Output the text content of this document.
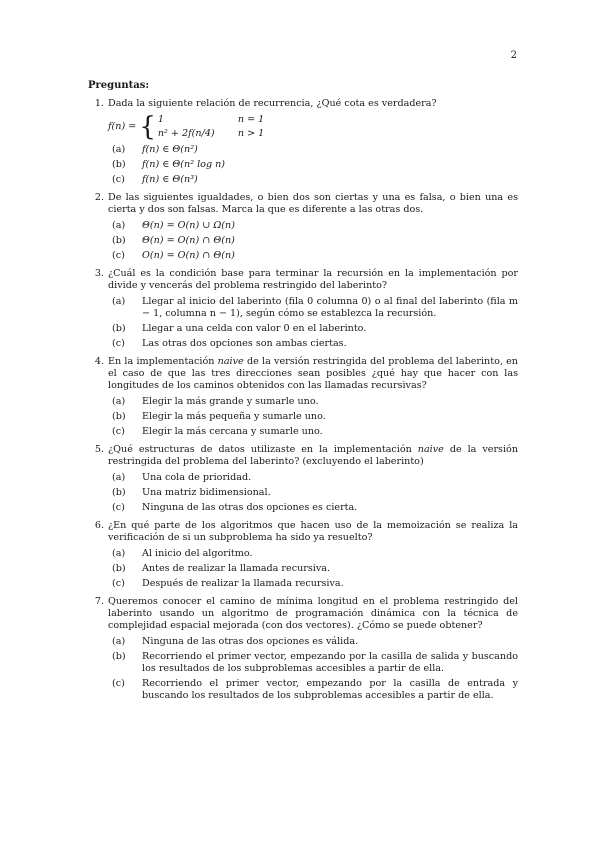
2
Preguntas:
1. Dada la siguiente relación de recurrencia, ¿Qué cota es verdadera?
f(n) = { 1	n = 1
n² + 2f(n/4)	n > 1
(a)	f(n) ∈ Θ(n²)
(b)	f(n) ∈ Θ(n² log n)
(c)	f(n) ∈ Θ(n³)
2. De las siguientes igualdades, o bien dos son ciertas y una es falsa, o bien una es cierta y dos son falsas. Marca la que es diferente a las otras dos.
(a)	Θ(n) = O(n) ∪ Ω(n)
(b)	Θ(n) = O(n) ∩ Θ(n)
(c)	O(n) = O(n) ∩ Θ(n)
3. ¿Cuál es la condición base para terminar la recursión en la implementación por divide y vencerás del problema restringido del laberinto?
(a)	Llegar al inicio del laberinto (fila 0 columna 0) o al final del laberinto (fila m − 1, columna n − 1), según cómo se establezca la recursión.
(b)	Llegar a una celda con valor 0 en el laberinto.
(c)	Las otras dos opciones son ambas ciertas.
4. En la implementación naive de la versión restringida del problema del laberinto, en el caso de que las tres direcciones sean posibles ¿qué hay que hacer con las longitudes de los caminos obtenidos con las llamadas recursivas?
(a)	Elegir la más grande y sumarle uno.
(b)	Elegir la más pequeña y sumarle uno.
(c)	Elegir la más cercana y sumarle uno.
5. ¿Qué estructuras de datos utilizaste en la implementación naive de la versión restringida del problema del laberinto? (excluyendo el laberinto)
(a)	Una cola de prioridad.
(b)	Una matriz bidimensional.
(c)	Ninguna de las otras dos opciones es cierta.
6. ¿En qué parte de los algoritmos que hacen uso de la memoización se realiza la verificación de si un subproblema ha sido ya resuelto?
(a)	Al inicio del algoritmo.
(b)	Antes de realizar la llamada recursiva.
(c)	Después de realizar la llamada recursiva.
7. Queremos conocer el camino de mínima longitud en el problema restringido del laberinto usando un algoritmo de programación dinámica con la técnica de complejidad espacial mejorada (con dos vectores). ¿Cómo se puede obtener?
(a)	Ninguna de las otras dos opciones es válida.
(b)	Recorriendo el primer vector, empezando por la casilla de salida y buscando los resultados de los subproblemas accesibles a partir de ella.
(c)	Recorriendo el primer vector, empezando por la casilla de entrada y buscando los resultados de los subproblemas accesibles a partir de ella.
